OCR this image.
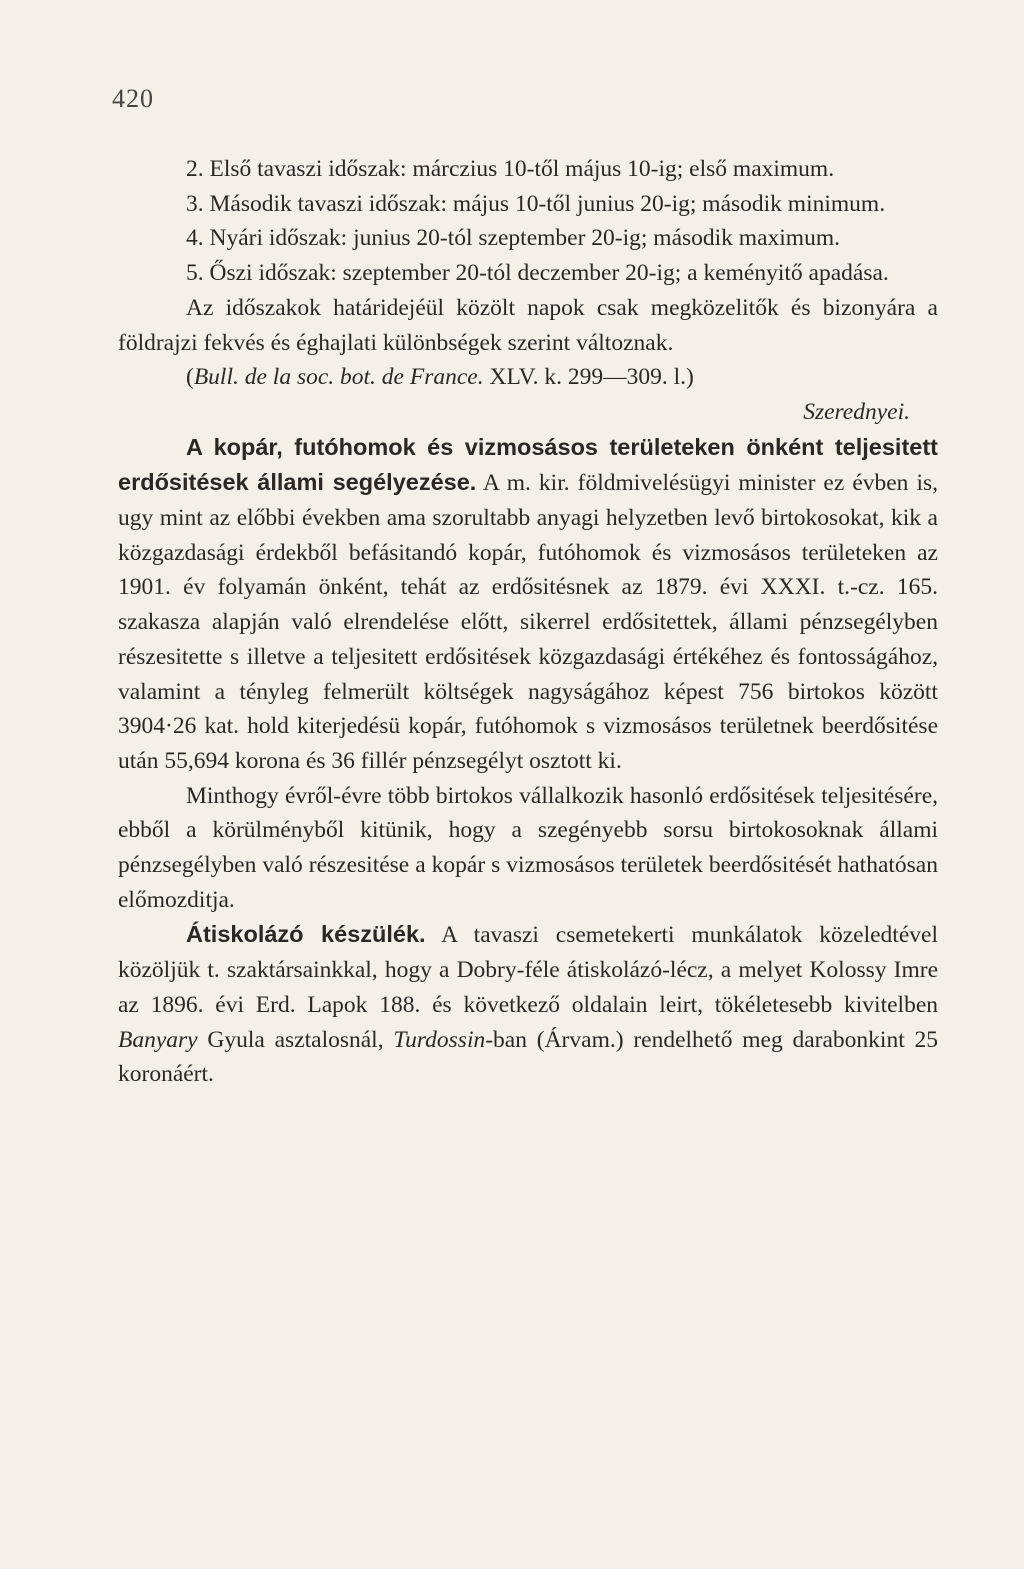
420

2. Első tavaszi időszak: márczius 10-től május 10-ig; első maximum.

3. Második tavaszi időszak: május 10-től junius 20-ig; második minimum.

4. Nyári időszak: junius 20-tól szeptember 20-ig; második maximum.

5. Őszi időszak: szeptember 20-tól deczember 20-ig; a keményitő apadása.

Az időszakok határidejéül közölt napok csak megközelitők és bizonyára a földrajzi fekvés és éghajlati különbségek szerint változnak.

(Bull. de la soc. bot. de France. XLV. k. 299—309. l.)

Szerednyei.

A kopár, futóhomok és vizmosásos területeken önként teljesitett erdősitések állami segélyezése. A m. kir. földmivelésügyi minister ez évben is, ugy mint az előbbi években ama szorultabb anyagi helyzetben levő birtokosokat, kik a közgazdasági érdekből befásitandó kopár, futóhomok és vizmosásos területeken az 1901. év folyamán önként, tehát az erdősitésnek az 1879. évi XXXI. t.-cz. 165. szakasza alapján való elrendelése előtt, sikerrel erdősitettek, állami pénzsegélyben részesitette s illetve a teljesitett erdősitések közgazdasági értékéhez és fontosságához, valamint a tényleg felmerült költségek nagyságához képest 756 birtokos között 3904·26 kat. hold kiterjedésü kopár, futóhomok s vizmosásos területnek beerdősitése után 55,694 korona és 36 fillér pénzsegélyt osztott ki.

Minthogy évről-évre több birtokos vállalkozik hasonló erdősitések teljesitésére, ebből a körülményből kitünik, hogy a szegényebb sorsu birtokosoknak állami pénzsegélyben való részesitése a kopár s vizmosásos területek beerdősitését hathatósan előmozditja.

Átiskolázó készülék. A tavaszi csemetekerti munkálatok közeledtével közöljük t. szaktársainkkal, hogy a Dobry-féle átiskolázó-lécz, a melyet Kolossy Imre az 1896. évi Erd. Lapok 188. és következő oldalain leirt, tökéletesebb kivitelben Banyary Gyula asztalosnál, Turdossin-ban (Árvam.) rendelhető meg darabonkint 25 koronáért.
